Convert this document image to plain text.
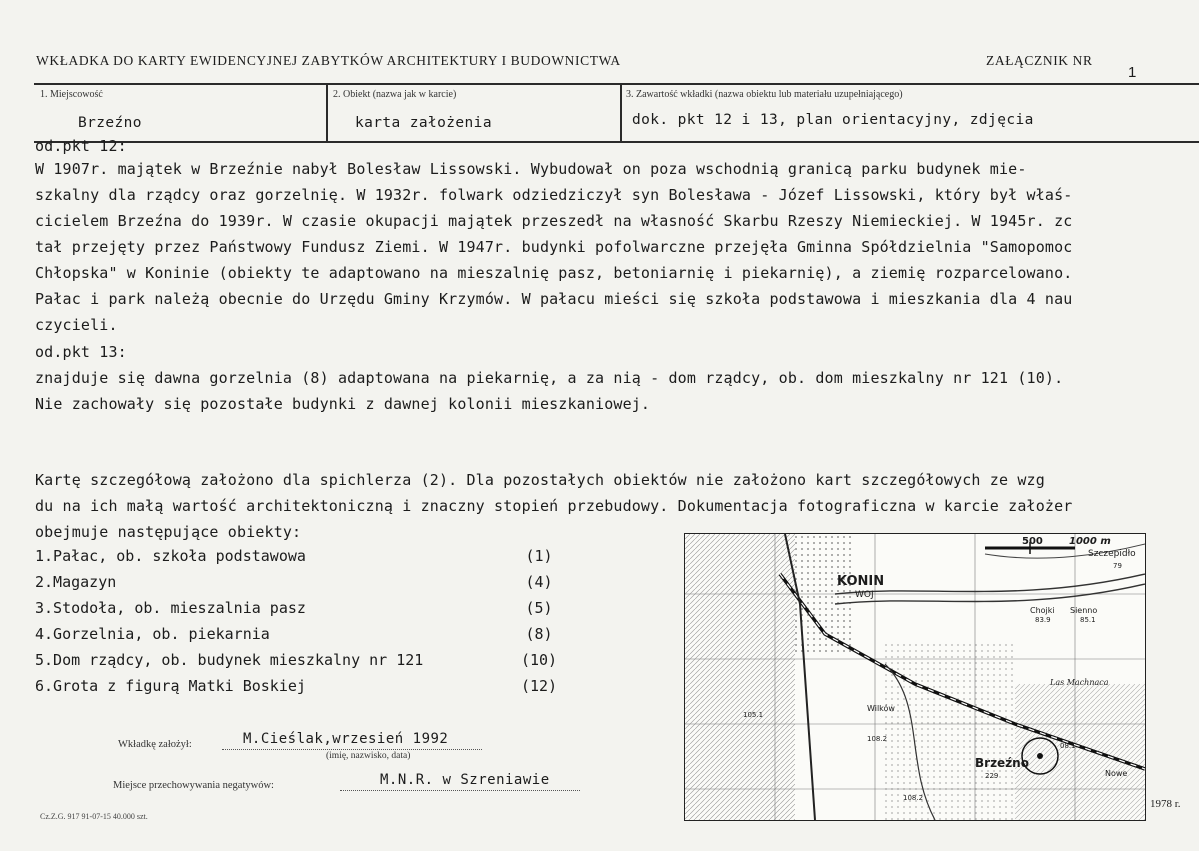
WKŁADKA DO KARTY EWIDENCYJNEJ ZABYTKÓW ARCHITEKTURY I BUDOWNICTWA	ZAŁĄCZNIK NR
1
1. Miejscowość
Brzeźno
2. Obiekt (nazwa jak w karcie)
karta założenia
3. Zawartość wkładki (nazwa obiektu lub materiału uzupełniającego)
dok. pkt 12 i 13, plan orientacyjny, zdjęcia
od.pkt 12:
W 1907r. majątek w Brzeźnie nabył Bolesław Lissowski. Wybudował on poza wschodnią granicą parku budynek mie-
szkalny dla rządcy oraz gorzelnię. W 1932r. folwark odziedziczył syn Bolesława - Józef Lissowski, który był właś-
cicielem Brzeźna do 1939r. W czasie okupacji majątek przeszedł na własność Skarbu Rzeszy Niemieckiej. W 1945r. zc
tał przejęty przez Państwowy Fundusz Ziemi. W 1947r. budynki pofolwarczne przejęła Gminna Spółdzielnia "Samopomoc
Chłopska" w Koninie (obiekty te adaptowano na mieszalnię pasz, betoniarnię i piekarnię), a ziemię rozparcelowano.
Pałac i park należą obecnie do Urzędu Gminy Krzymów. W pałacu mieści się szkoła podstawowa i mieszkania dla 4 nau
czycieli.
od.pkt 13:
znajduje się dawna gorzelnia (8) adaptowana na piekarnię, a za nią - dom rządcy, ob. dom mieszkalny nr 121 (10).
Nie zachowały się pozostałe budynki z dawnej kolonii mieszkaniowej.
Kartę szczegółową założono dla spichlerza (2). Dla pozostałych obiektów nie założono kart szczegółowych ze wzg
du na ich małą wartość architektoniczną i znaczny stopień przebudowy. Dokumentacja fotograficzna w karcie założer
obejmuje następujące obiekty:
1.Pałac, ob. szkoła podstawowa	(1)
2.Magazyn	(4)
3.Stodoła, ob. mieszalnia pasz	(5)
4.Gorzelnia, ob. piekarnia	(8)
5.Dom rządcy, ob. budynek mieszkalny nr 121	(10)
6.Grota z figurą Matki Boskiej	(12)
KONIN
WOJ
Szczepidło
500	1000 m
79
Chojki Sienno
83.9	85.1
Las Machnaca
Wilków
108.2
105.1
Brzeźno
229
08.1
Nowe
108.2	1978 r.
Wkładkę założył:	M.Cieślak,wrzesień 1992
(imię, nazwisko, data)
Miejsce przechowywania negatywów:	M.N.R. w Szreniawie
Cz.Z.G. 917 91-07-15 40.000 szt.
